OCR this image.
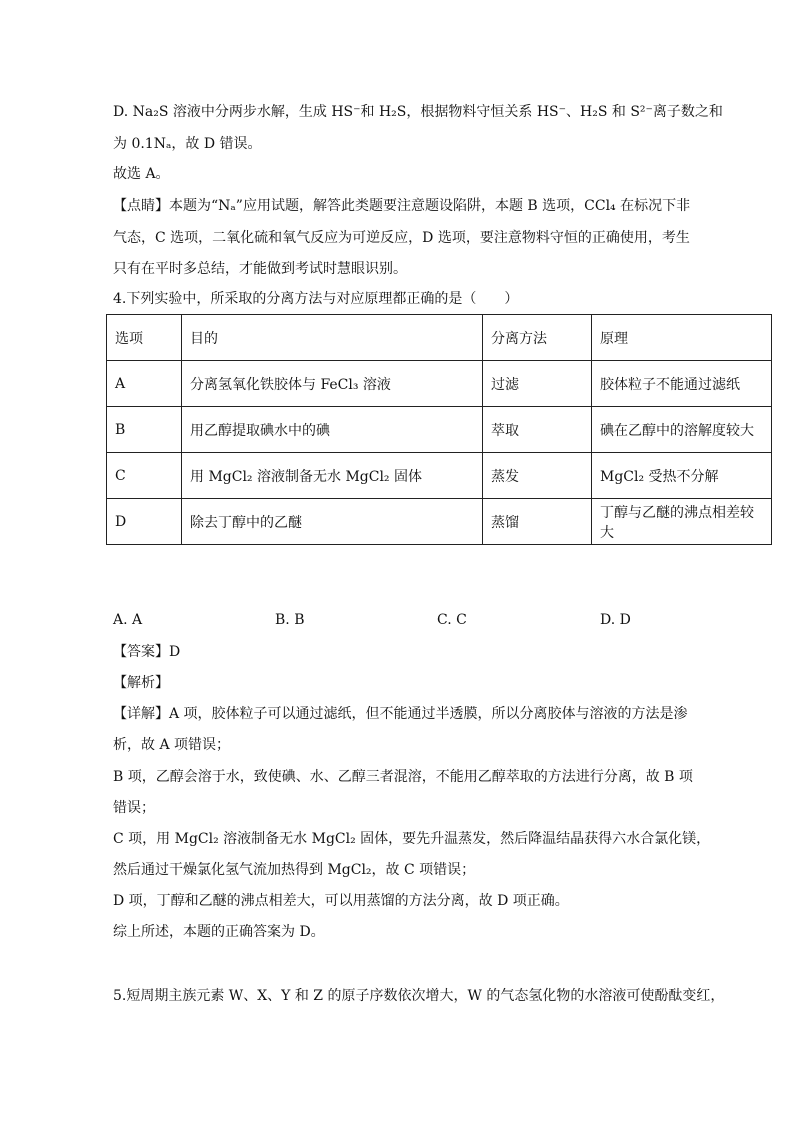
D. Na₂S 溶液中分两步水解，生成 HS⁻和 H₂S，根据物料守恒关系 HS⁻、H₂S 和 S²⁻离子数之和
为 0.1Nₐ，故 D 错误。
故选 A。
【点睛】本题为“Nₐ”应用试题，解答此类题要注意题设陷阱，本题 B 选项，CCl₄ 在标况下非
气态，C 选项，二氧化硫和氧气反应为可逆反应，D 选项，要注意物料守恒的正确使用，考生
只有在平时多总结，才能做到考试时慧眼识别。
4.下列实验中，所采取的分离方法与对应原理都正确的是（　　）
选项	目的	分离方法	原理
A	分离氢氧化铁胶体与 FeCl₃ 溶液	过滤	胶体粒子不能通过滤纸
B	用乙醇提取碘水中的碘	萃取	碘在乙醇中的溶解度较大
C	用 MgCl₂ 溶液制备无水 MgCl₂ 固体	蒸发	MgCl₂ 受热不分解
D	除去丁醇中的乙醚	蒸馏	丁醇与乙醚的沸点相差较大
A. A	B. B	C. C	D. D
【答案】D
【解析】
【详解】A 项，胶体粒子可以通过滤纸，但不能通过半透膜，所以分离胶体与溶液的方法是渗
析，故 A 项错误；
B 项，乙醇会溶于水，致使碘、水、乙醇三者混溶，不能用乙醇萃取的方法进行分离，故 B 项
错误；
C 项，用 MgCl₂ 溶液制备无水 MgCl₂ 固体，要先升温蒸发，然后降温结晶获得六水合氯化镁，
然后通过干燥氯化氢气流加热得到 MgCl₂，故 C 项错误；
D 项，丁醇和乙醚的沸点相差大，可以用蒸馏的方法分离，故 D 项正确。
综上所述，本题的正确答案为 D。
5.短周期主族元素 W、X、Y 和 Z 的原子序数依次增大，W 的气态氢化物的水溶液可使酚酞变红，
